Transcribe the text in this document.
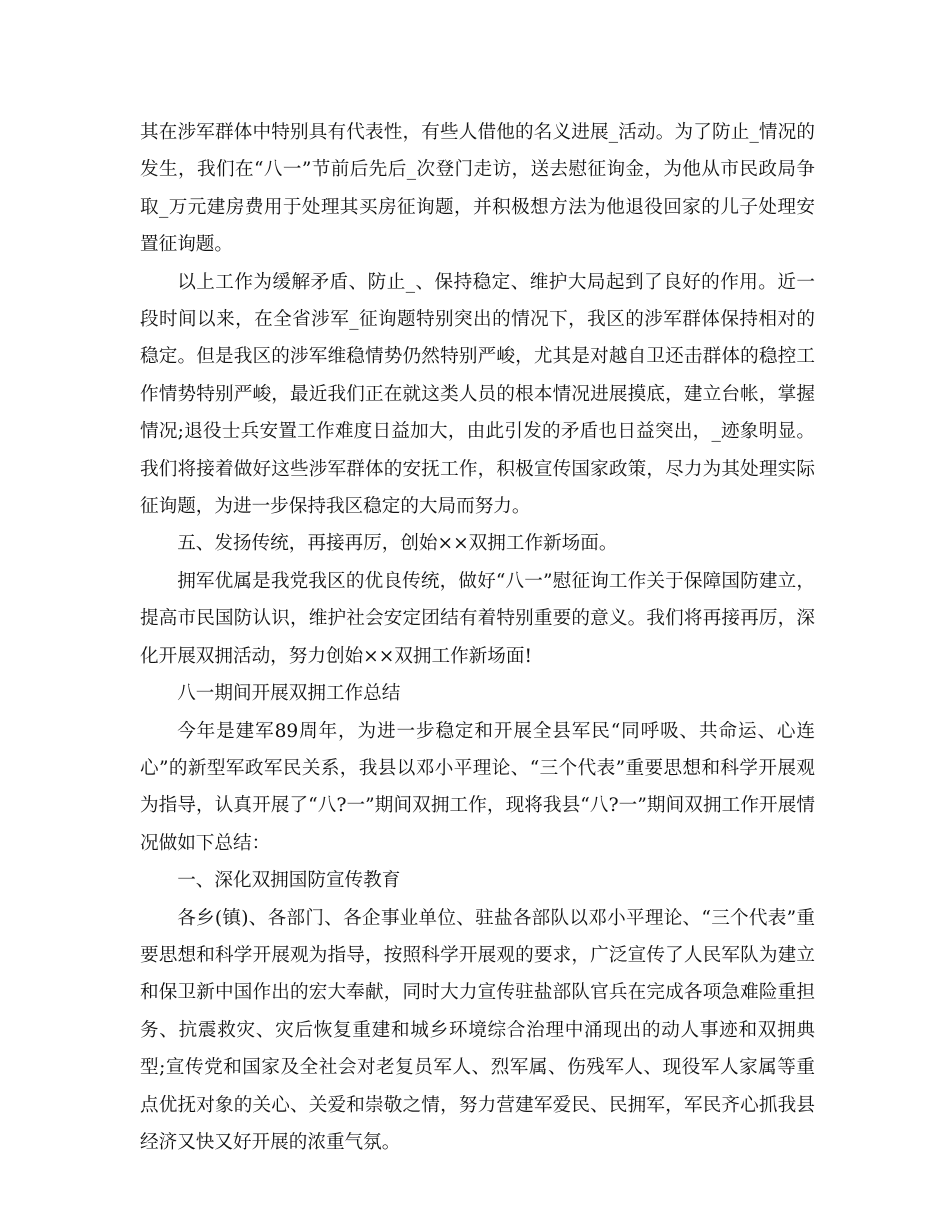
其在涉军群体中特别具有代表性，有些人借他的名义进展_活动。为了防止_情况的发生，我们在“八一”节前后先后_次登门走访，送去慰征询金，为他从市民政局争取_万元建房费用于处理其买房征询题，并积极想方法为他退役回家的儿子处理安置征询题。

以上工作为缓解矛盾、防止_、保持稳定、维护大局起到了良好的作用。近一段时间以来，在全省涉军_征询题特别突出的情况下，我区的涉军群体保持相对的稳定。但是我区的涉军维稳情势仍然特别严峻，尤其是对越自卫还击群体的稳控工作情势特别严峻，最近我们正在就这类人员的根本情况进展摸底，建立台帐，掌握情况;退役士兵安置工作难度日益加大，由此引发的矛盾也日益突出，_迹象明显。我们将接着做好这些涉军群体的安抚工作，积极宣传国家政策，尽力为其处理实际征询题，为进一步保持我区稳定的大局而努力。

五、发扬传统，再接再厉，创始××双拥工作新场面。

拥军优属是我党我区的优良传统，做好“八一”慰征询工作关于保障国防建立，提高市民国防认识，维护社会安定团结有着特别重要的意义。我们将再接再厉，深化开展双拥活动，努力创始××双拥工作新场面!

八一期间开展双拥工作总结

今年是建军89周年，为进一步稳定和开展全县军民“同呼吸、共命运、心连心”的新型军政军民关系，我县以邓小平理论、“三个代表”重要思想和科学开展观为指导，认真开展了“八?一”期间双拥工作，现将我县“八?一”期间双拥工作开展情况做如下总结：

一、深化双拥国防宣传教育

各乡(镇)、各部门、各企事业单位、驻盐各部队以邓小平理论、“三个代表”重要思想和科学开展观为指导，按照科学开展观的要求，广泛宣传了人民军队为建立和保卫新中国作出的宏大奉献，同时大力宣传驻盐部队官兵在完成各项急难险重担务、抗震救灾、灾后恢复重建和城乡环境综合治理中涌现出的动人事迹和双拥典型;宣传党和国家及全社会对老复员军人、烈军属、伤残军人、现役军人家属等重点优抚对象的关心、关爱和崇敬之情，努力营建军爱民、民拥军，军民齐心抓我县经济又快又好开展的浓重气氛。
